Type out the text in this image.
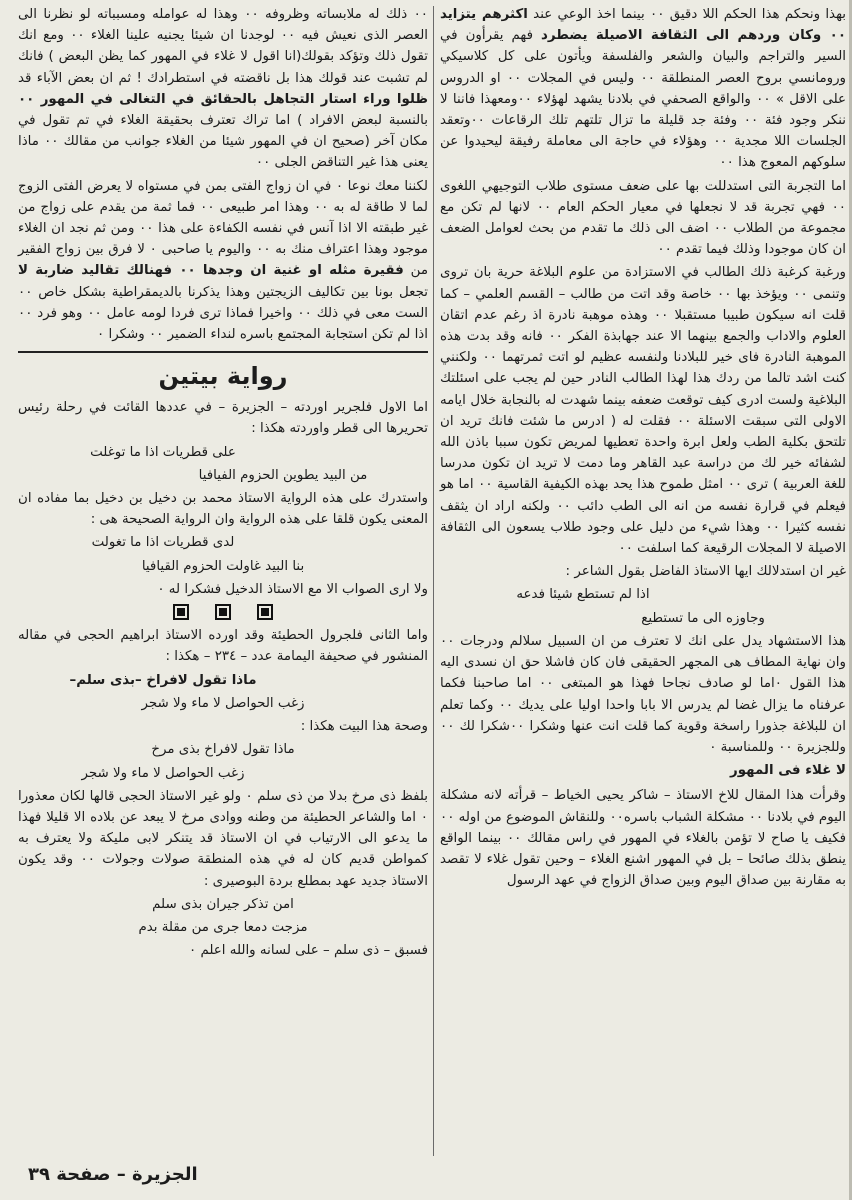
بهذا ونحكم هذا الحكم اللا دقيق ٠٠ بينما اخذ الوعي عند اكثرهم يتزايد ٠٠ وكان وردهم الى الثقافة الاصيلة يضطرد فهم يقرأون في السير والتراجم والبيان والشعر والفلسفة ويأتون على كل كلاسيكي ورومانسي بروح العصر المنطلقة ٠٠ وليس في المجلات ٠٠ او الدروس على الاقل » ٠٠ والواقع الصحفي في بلادنا يشهد لهؤلاء ٠٠ومعهذا فاننا لا ننكر وجود فئة ٠٠ وفئة جد قليلة ما تزال تلتهم تلك الرقاعات ٠٠وتعقد الجلسات اللا مجدية ٠٠ وهؤلاء في حاجة الى معاملة رفيقة ليحيدوا عن سلوكهم المعوج هذا ٠٠

اما التجربة التى استدللت بها على ضعف مستوى طلاب التوجيهي اللغوى ٠٠ فهي تجربة قد لا نجعلها في معيار الحكم العام ٠٠ لانها لم تكن مع مجموعة من الطلاب ٠٠ اضف الى ذلك ما تقدم من بحث لعوامل الضعف ان كان موجودا وذلك فيما تقدم ٠٠

ورغبة كرغبة ذلك الطالب في الاستزادة من علوم البلاغة حرية بان تروى وتنمى ٠٠ ويؤخذ بها ٠٠ خاصة وقد اتت من طالب – القسم العلمي – كما قلت انه سيكون طبيبا مستقبلا ٠٠ وهذه موهبة نادرة اذ رغم عدم اتقان العلوم والاداب والجمع بينهما الا عند جهابذة الفكر ٠٠ فانه وقد بدت هذه الموهبة النادرة فاى خير للبلادنا ولنفسه عظيم لو اتت ثمرتهما ٠٠ ولكنني كنت اشد تالما من ردك هذا لهذا الطالب النادر حين لم يجب على اسئلتك البلاغية ولست ادرى كيف توقعت ضعفه بينما شهدت له بالنجابة خلال ايامه الاولى التى سبقت الاسئلة ٠٠ فقلت له ( ادرس ما شئت فانك تريد ان تلتحق بكلية الطب ولعل ابرة واحدة تعطيها لمريض تكون سببا باذن الله لشفائه خير لك من دراسة عبد القاهر وما دمت لا تريد ان تكون مدرسا للغة العربية ) ترى ٠٠ امثل طموح هذا يحد بهذه الكيفية القاسية ٠٠ اما هو فيعلم في قرارة نفسه من انه الى الطب دائب ٠٠ ولكنه اراد ان يثقف نفسه كثيرا ٠٠ وهذا شيء من دليل على وجود طلاب يسعون الى الثقافة الاصيلة لا المجلات الرقيعة كما اسلفت ٠٠

غير ان استدلالك ايها الاستاذ الفاضل بقول الشاعر :

اذا لم تستطع شيئا فدعه

وجاوزه الى ما تستطيع

هذا الاستشهاد يدل على انك لا تعترف من ان السبيل سلالم ودرجات ٠٠ وان نهاية المطاف هى المجهر الحقيقى فان كان فاشلا حق ان نسدى اليه هذا القول ٠اما لو صادف نجاحا فهذا هو المبتغى ٠٠ اما صاحبنا فكما عرفناه ما يزال غضا لم يدرس الا بابا واحدا اوليا على يديك ٠٠ وكما تعلم ان للبلاغة جذورا راسخة وقوية كما قلت انت عنها وشكرا ٠٠شكرا لك ٠٠ وللجزيرة ٠٠ وللمناسبة ٠

لا غلاء فى المهور

وقرأت هذا المقال للاخ الاستاذ – شاكر يحيى الخياط – قرأته لانه مشكلة اليوم في بلادنا ٠٠ مشكلة الشباب باسره٠٠ وللنقاش الموضوع من اوله ٠٠ فكيف يا صاح لا تؤمن بالغلاء في المهور في راس مقالك ٠٠ بينما الواقع ينطق بذلك صائحا – بل في المهور اشنع الغلاء – وحين تقول غلاء لا تقصد به مقارنة بين صداق اليوم وبين صداق الزواج في عهد الرسول

٠٠ ذلك له ملابساته وظروفه ٠٠ وهذا له عوامله ومسبباته لو نظرنا الى العصر الذى نعيش فيه ٠٠ لوجدنا ان شيئا يجنيه علينا الغلاء ٠٠ ومع انك تقول ذلك وتؤكد بقولك(انا اقول لا غلاء في المهور كما يظن البعض ) فانك لم تشبت عند قولك هذا بل ناقضته في استطرادك ! ثم ان بعض الآباء قد ظلوا وراء استار التجاهل بالحقائق في التغالى في المهور ٠٠ بالنسبة لبعض الافراد ) اما تراك تعترف بحقيقة الغلاء في تم تقول في مكان آخر (صحيح ان في المهور شيئا من الغلاء جوانب من مقالك ٠٠ ماذا يعنى هذا غير التناقض الجلى ٠٠

لكننا معك نوعا ٠ في ان زواج الفتى بمن في مستواه لا يعرض الفتى الزوج لما لا طاقة له به ٠٠ وهذا امر طبيعى ٠٠ فما ثمة من يقدم على زواج من غير طبقته الا اذا آنس في نفسه الكفاءة على هذا ٠٠ ومن ثم نجد ان الغلاء موجود وهذا اعتراف منك به ٠٠ واليوم يا صاحبى ٠ لا فرق بين زواج الفقير من فقيرة مثله او غنية ان وجدها ٠٠ فهنالك تقاليد ضاربة لا تجعل بونا بين تكاليف الزيجتين وهذا يذكرنا بالديمقراطية بشكل خاص ٠٠ الست معى في ذلك ٠٠ واخيرا فماذا ترى فردا لومه عامل ٠٠ وهو فرد ٠٠ اذا لم تكن استجابة المجتمع باسره لنداء الضمير ٠٠ وشكرا ٠

رواية بيتين

اما الاول فلجرير اوردته – الجزيرة – في عددها القائت في رحلة رئيس تحريرها الى قطر واوردته هكذا :

على قطريات اذا ما توغلت

من البيد يطوين الحزوم الفيافيا

واستدرك على هذه الرواية الاستاذ محمد بن دخيل بن دخيل بما مفاده ان المعنى يكون قلقا على هذه الرواية وان الرواية الصحيحة هى :

لدى قطريات اذا ما تغولت

بنا البيد غاولت الحزوم القيافيا

ولا ارى الصواب الا مع الاستاذ الدخيل فشكرا له ٠

واما الثانى فلجرول الحطيئة وقد اورده الاستاذ ابراهيم الحجى في مقاله المنشور في صحيفة اليمامة عدد – ٢٣٤ – هكذا :

ماذا تقول لافراخ –بذى سلم–

زغب الحواصل لا ماء ولا شجر

وصحة هذا البيت هكذا :

ماذا تقول لافراخ بذى مرخ

زغب الحواصل لا ماء ولا شجر

بلفظ ذى مرخ بدلا من ذى سلم ٠ ولو غير الاستاذ الحجى قالها لكان معذورا ٠ اما والشاعر الحطيئة من وطنه ووادى مرخ لا يبعد عن بلاده الا قليلا فهذا ما يدعو الى الارتياب في ان الاستاذ قد يتنكر لابى مليكة ولا يعترف به كمواطن قديم كان له في هذه المنطقة صولات وجولات ٠٠ وقد يكون الاستاذ جديد عهد بمطلع بردة البوصيرى :

امن تذكر جيران بذى سلم

مزجت دمعا جرى من مقلة بدم

فسبق – ذى سلم – على لسانه والله اعلم ٠

الجزيرة – صفحة ٣٩
